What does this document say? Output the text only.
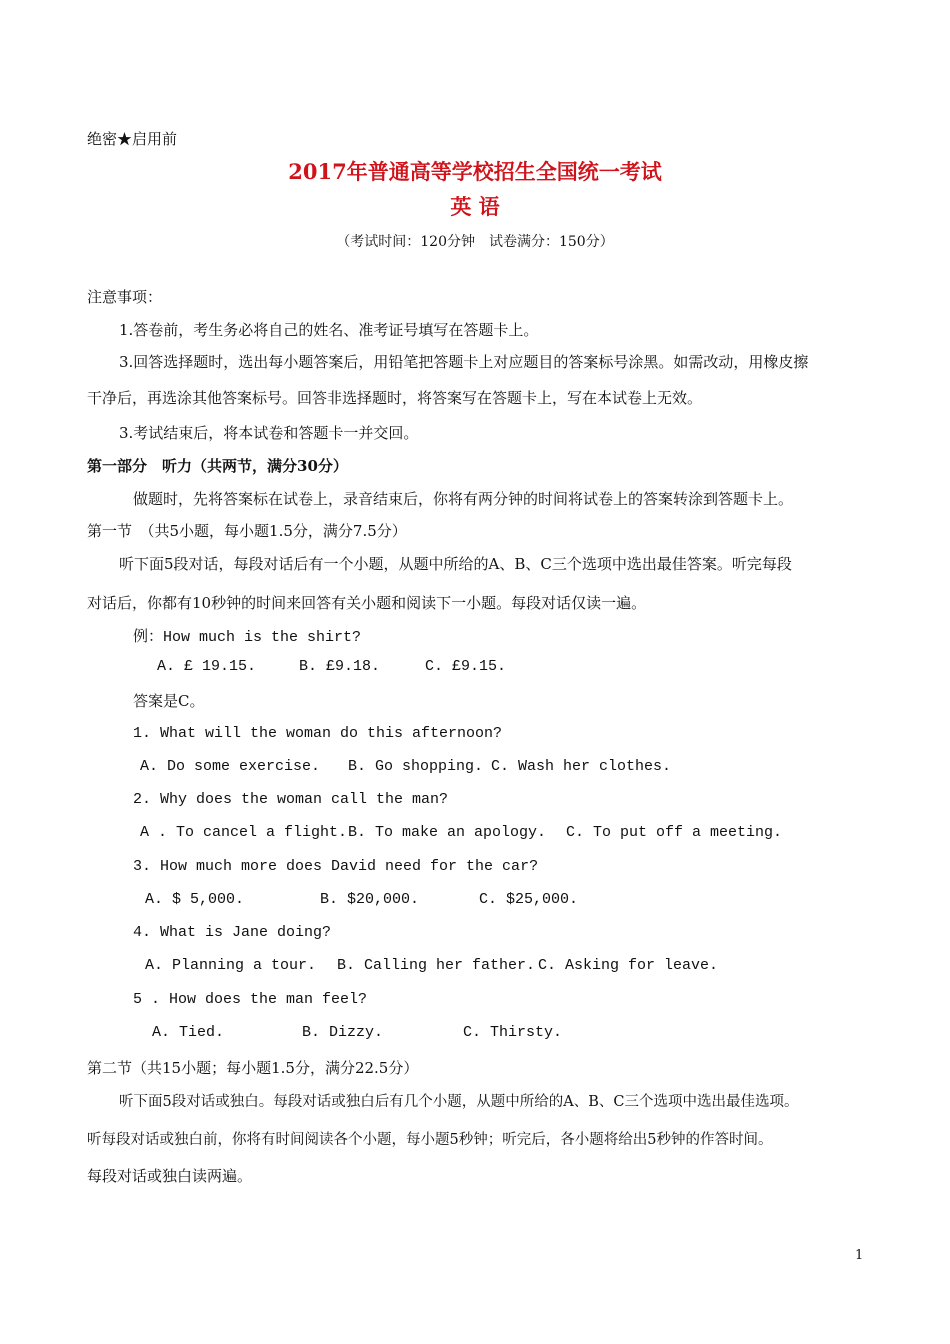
绝密★启用前
2017年普通高等学校招生全国统一考试
英 语
（考试时间：120分钟　试卷满分：150分）
注意事项：
1.答卷前，考生务必将自己的姓名、准考证号填写在答题卡上。
3.回答选择题时，选出每小题答案后，用铅笔把答题卡上对应题目的答案标号涂黑。如需改动，用橡皮擦
干净后，再选涂其他答案标号。回答非选择题时，将答案写在答题卡上，写在本试卷上无效。
3.考试结束后，将本试卷和答题卡一并交回。
第一部分　听力（共两节，满分30分）
做题时，先将答案标在试卷上，录音结束后，你将有两分钟的时间将试卷上的答案转涂到答题卡上。
第一节　（共5小题，每小题1.5分，满分7.5分）
听下面5段对话，每段对话后有一个小题，从题中所给的A、B、C三个选项中选出最佳答案。听完每段
对话后，你都有10秒钟的时间来回答有关小题和阅读下一小题。每段对话仅读一遍。
例：How much is the shirt?
A. £ 19.15.	B. £9.18.	C. £9.15.
答案是C。
1. What will the woman do this afternoon?
A. Do some exercise. B. Go shopping. C. Wash her clothes.
2. Why does the woman call the man?
A . To cancel a flight. B. To make an apology. C. To put off a meeting.
3. How much more does David need for the car?
A. $ 5,000.	B. $20,000.	C. $25,000.
4. What is Jane doing?
A. Planning a tour. B. Calling her father. C. Asking for leave.
5 . How does the man feel?
A. Tied.	B. Dizzy.	C. Thirsty.
第二节（共15小题；每小题1.5分，满分22.5分）
听下面5段对话或独白。每段对话或独白后有几个小题，从题中所给的A、B、C三个选项中选出最佳选项。
听每段对话或独白前，你将有时间阅读各个小题，每小题5秒钟；听完后，各小题将给出5秒钟的作答时间。
每段对话或独白读两遍。
1
